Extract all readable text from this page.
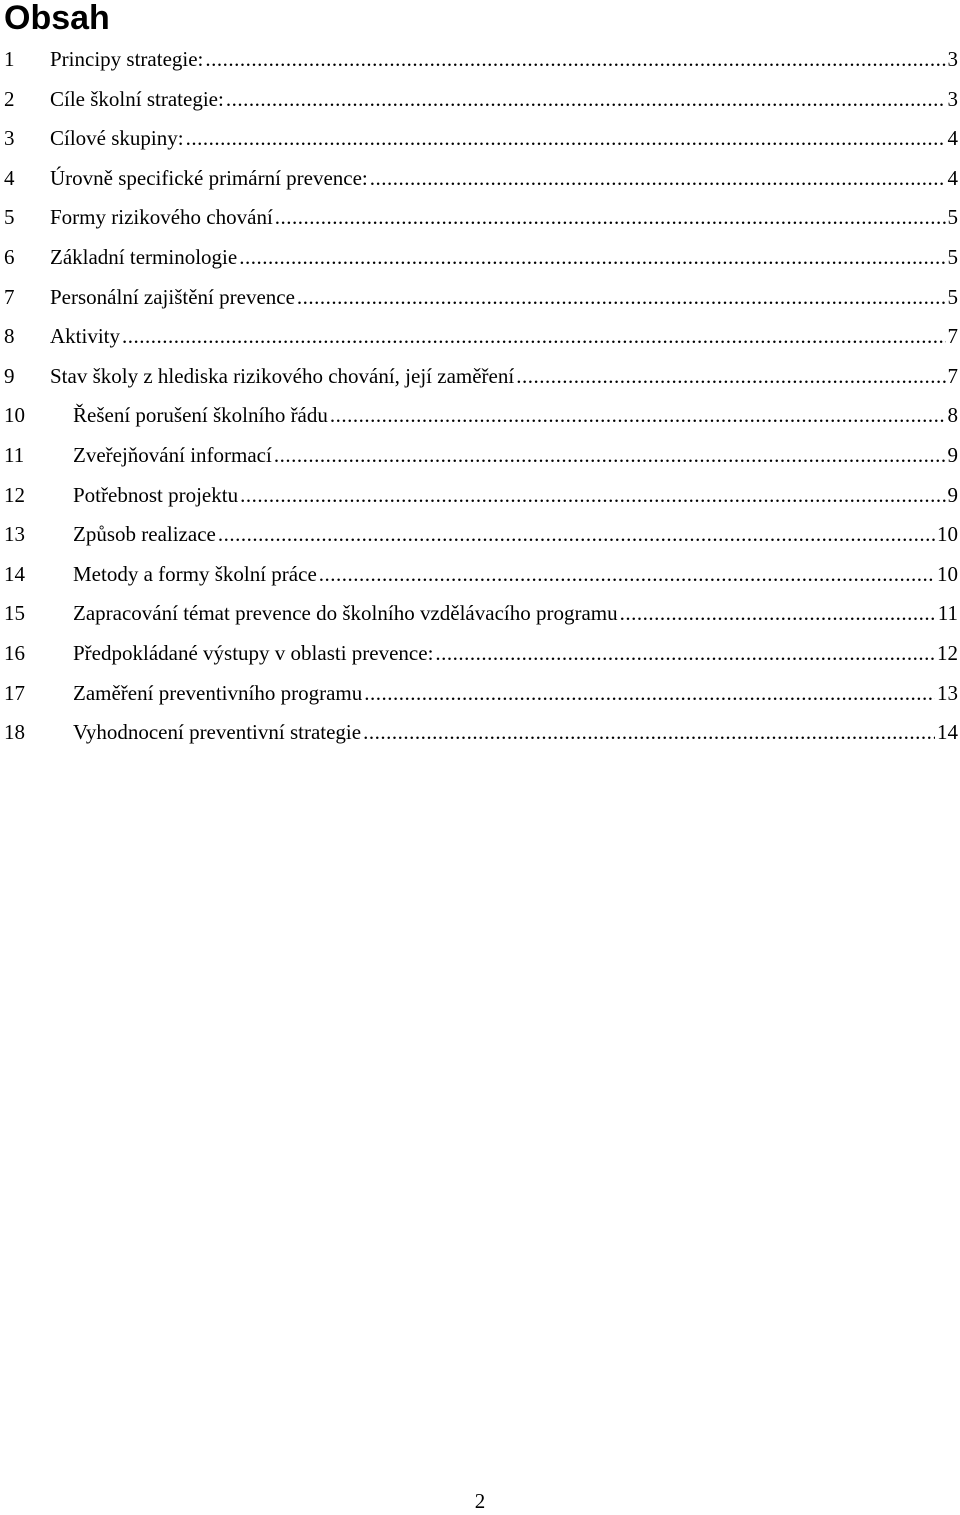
Obsah
1	Principy strategie: .....	3
2	Cíle školní strategie: .....	3
3	Cílové skupiny: .....	4
4	Úrovně specifické primární prevence: .....	4
5	Formy rizikového chování .....	5
6	Základní terminologie .....	5
7	Personální zajištění prevence .....	5
8	Aktivity .....	7
9	Stav školy z hlediska rizikového chování, její zaměření .....	7
10	Řešení porušení školního řádu .....	8
11	Zveřejňování informací .....	9
12	Potřebnost projektu .....	9
13	Způsob realizace .....	10
14	Metody a formy školní práce .....	10
15	Zapracování témat prevence do školního vzdělávacího programu .....	11
16	Předpokládané výstupy v oblasti prevence: .....	12
17	Zaměření preventivního programu .....	13
18	Vyhodnocení preventivní strategie .....	14
2
